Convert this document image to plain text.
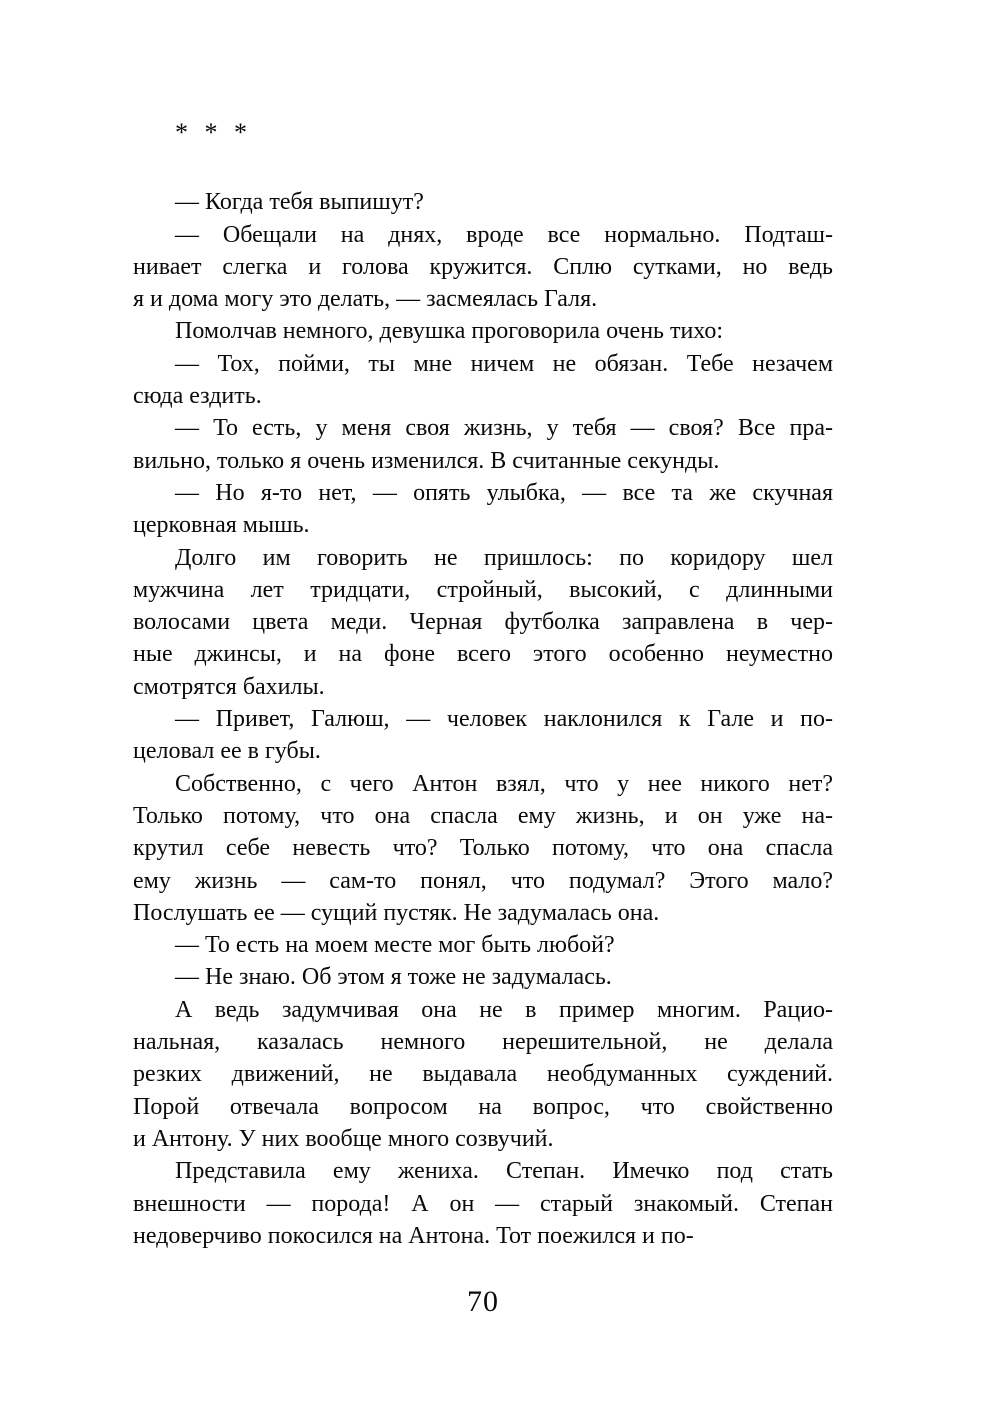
* * *
— Когда тебя выпишут?
— Обещали на днях, вроде все нормально. Подташ-
нивает слегка и голова кружится. Сплю сутками, но ведь
я и дома могу это делать, — засмеялась Галя.
Помолчав немного, девушка проговорила очень тихо:
— Тох, пойми, ты мне ничем не обязан. Тебе незачем
сюда ездить.
— То есть, у меня своя жизнь, у тебя — своя? Все пра-
вильно, только я очень изменился. В считанные секунды.
— Но я-то нет, — опять улыбка, — все та же скучная
церковная мышь.
Долго им говорить не пришлось: по коридору шел
мужчина лет тридцати, стройный, высокий, с длинными
волосами цвета меди. Черная футболка заправлена в чер-
ные джинсы, и на фоне всего этого особенно неуместно
смотрятся бахилы.
— Привет, Галюш, — человек наклонился к Гале и по-
целовал ее в губы.
Собственно, с чего Антон взял, что у нее никого нет?
Только потому, что она спасла ему жизнь, и он уже на-
крутил себе невесть что? Только потому, что она спасла
ему жизнь — сам-то понял, что подумал? Этого мало?
Послушать ее — сущий пустяк. Не задумалась она.
— То есть на моем месте мог быть любой?
— Не знаю. Об этом я тоже не задумалась.
А ведь задумчивая она не в пример многим. Рацио-
нальная, казалась немного нерешительной, не делала
резких движений, не выдавала необдуманных суждений.
Порой отвечала вопросом на вопрос, что свойственно
и Антону. У них вообще много созвучий.
Представила ему жениха. Степан. Имечко под стать
внешности — порода! А он — старый знакомый. Степан
недоверчиво покосился на Антона. Тот поежился и по-
70
